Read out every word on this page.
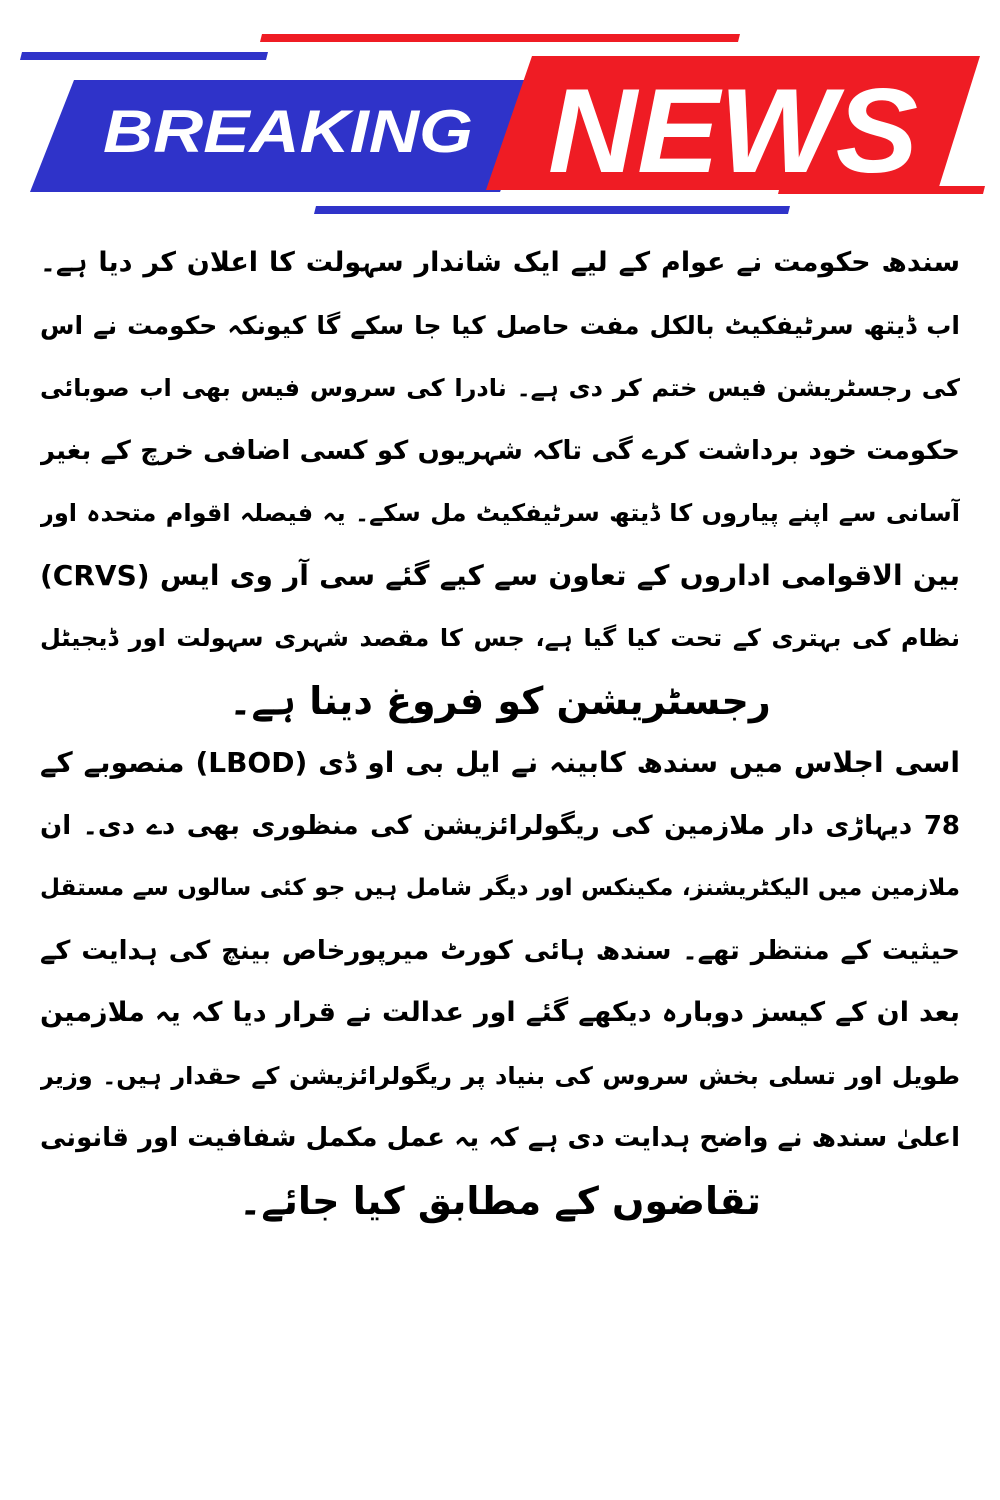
BREAKING NEWS
سندھ حکومت نے عوام کے لیے ایک شاندار سہولت کا اعلان کر دیا ہے۔
اب ڈیتھ سرٹیفکیٹ بالکل مفت حاصل کیا جا سکے گا کیونکہ حکومت نے اس
کی رجسٹریشن فیس ختم کر دی ہے۔ نادرا کی سروس فیس بھی اب صوبائی
حکومت خود برداشت کرے گی تاکہ شہریوں کو کسی اضافی خرچ کے بغیر
آسانی سے اپنے پیاروں کا ڈیتھ سرٹیفکیٹ مل سکے۔ یہ فیصلہ اقوام متحدہ اور
بین الاقوامی اداروں کے تعاون سے کیے گئے سی آر وی ایس (CRVS)
نظام کی بہتری کے تحت کیا گیا ہے، جس کا مقصد شہری سہولت اور ڈیجیٹل
رجسٹریشن کو فروغ دینا ہے۔
اسی اجلاس میں سندھ کابینہ نے ایل بی او ڈی (LBOD) منصوبے کے
78 دیہاڑی دار ملازمین کی ریگولرائزیشن کی منظوری بھی دے دی۔ ان
ملازمین میں الیکٹریشنز، مکینکس اور دیگر شامل ہیں جو کئی سالوں سے مستقل
حیثیت کے منتظر تھے۔ سندھ ہائی کورٹ میرپورخاص بینچ کی ہدایت کے
بعد ان کے کیسز دوبارہ دیکھے گئے اور عدالت نے قرار دیا کہ یہ ملازمین
طویل اور تسلی بخش سروس کی بنیاد پر ریگولرائزیشن کے حقدار ہیں۔ وزیر
اعلیٰ سندھ نے واضح ہدایت دی ہے کہ یہ عمل مکمل شفافیت اور قانونی
تقاضوں کے مطابق کیا جائے۔
